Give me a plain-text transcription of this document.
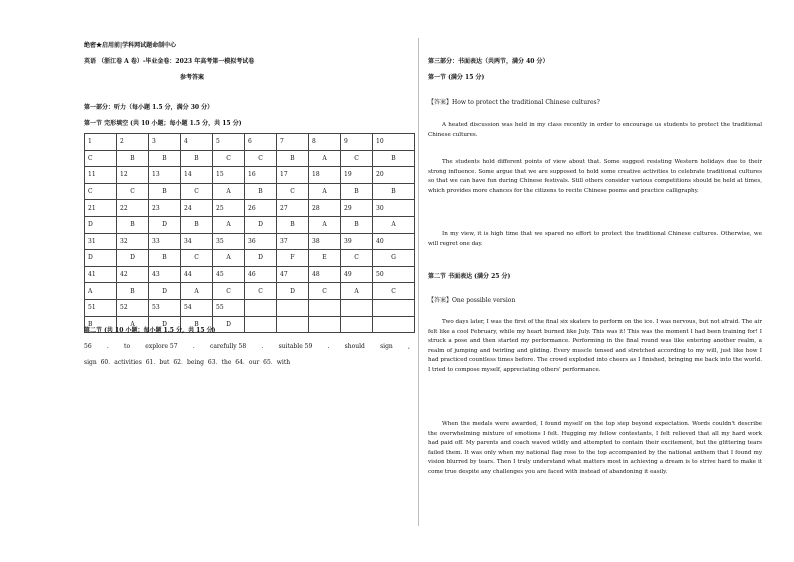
绝密★启用前|学科网试题命制中心
英语 （浙江卷 A 卷）-毕业金卷：2023 年高考第一模拟考试卷
参考答案
第一部分：听力（每小题 1.5 分，满分 30 分）
第一节 完形填空 (共 10 小题；每小题 1.5 分，共 15 分)
1	2	3	4	5	6	7	8	9	10
C	B	B	B	C	C	B	A	C	B
11	12	13	14	15	16	17	18	19	20
C	C	B	C	A	B	C	A	B	B
21	22	23	24	25	26	27	28	29	30
D	B	D	B	A	D	B	A	B	A
31	32	33	34	35	36	37	38	39	40
D	D	B	C	A	D	F	E	C	G
41	42	43	44	45	46	47	48	49	50
A	B	D	A	C	C	D	C	A	C
51	52	53	54	55					
B	A	D	B	D					
第二节 (共 10 小题；每小题 1.5 分，共 15 分)
56	.	to	explore 57	.	carefully 58	.	suitable 59	.	should	sign	,
sign 60．activities 61．but 62．being 63．the 64．our 65．with
第三部分：书面表达（共两节，满分 40 分）
第一节 (满分 15 分)
【答案】How to protect the traditional Chinese cultures?
A heated discussion was held in my class recently in order to encourage us students to protect the traditional Chinese cultures.
The students hold different points of view about that. Some suggest resisting Western holidays due to their strong influence. Some argue that we are supposed to hold some creative activities to celebrate traditional cultures so that we can have fun during Chinese festivals. Still others consider various competitions should be held at times, which provides more chances for the citizens to recite Chinese poems and practice calligraphy.
In my view, it is high time that we spared no effort to protect the traditional Chinese cultures. Otherwise, we will regret one day.
第二节 书面表达 (满分 25 分)
【答案】One possible version
Two days later, I was the first of the final six skaters to perform on the ice. I was nervous, but not afraid. The air felt like a cool February, while my heart burned like July. This was it! This was the moment I had been training for! I struck a pose and then started my performance. Performing in the final round was like entering another realm, a realm of jumping and twirling and gliding. Every muscle tensed and stretched according to my will, just like how I had practiced countless times before. The crowd exploded into cheers as I finished, bringing me back into the world. I tried to compose myself, appreciating others' performance.
When the medals were awarded, I found myself on the top step beyond expectation. Words couldn't describe the overwhelming mixture of emotions I felt. Hugging my fellow contestants, I felt relieved that all my hard work had paid off. My parents and coach waved wildly and attempted to contain their excitement, but the glittering tears failed them. It was only when my national flag rose to the top accompanied by the national anthem that I found my vision blurred by tears. Then I truly understand what matters most in achieving a dream is to strive hard to make it come true despite any challenges you are faced with instead of abandoning it easily.
